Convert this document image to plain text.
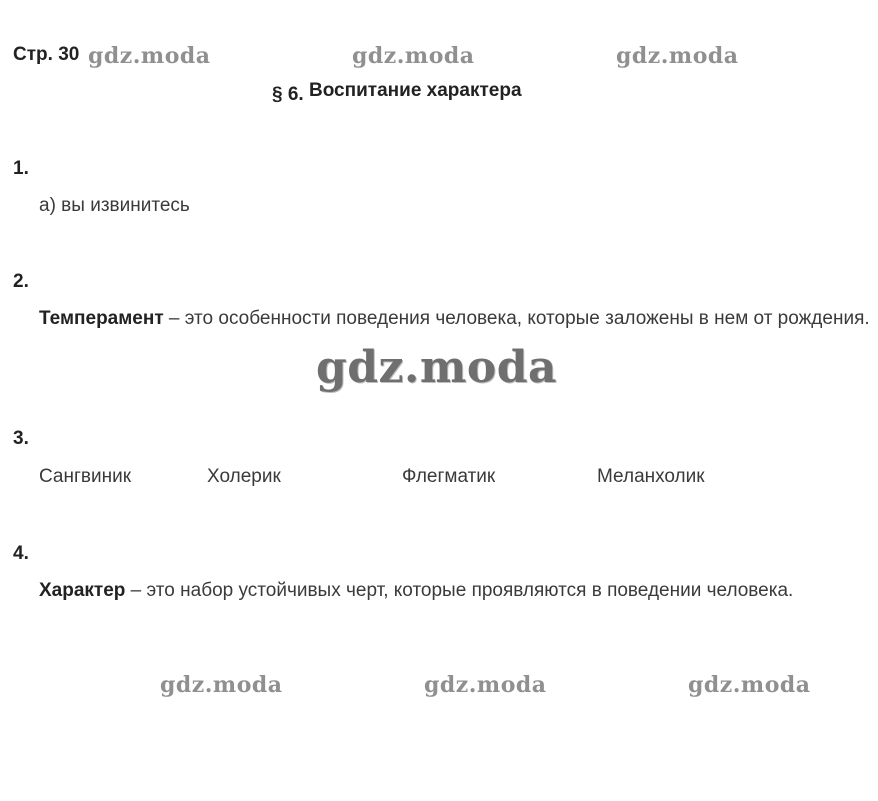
Стр. 30
§ 6. Воспитание характера
1.
а) вы извинитесь
2.
Темперамент – это особенности поведения человека, которые заложены в нем от рождения.
3.
Сангвиник	Холерик	Флегматик	Меланхолик
4.
Характер – это набор устойчивых черт, которые проявляются в поведении человека.
gdz.moda	gdz.moda	gdz.moda
gdz.moda
gdz.moda	gdz.moda	gdz.moda
